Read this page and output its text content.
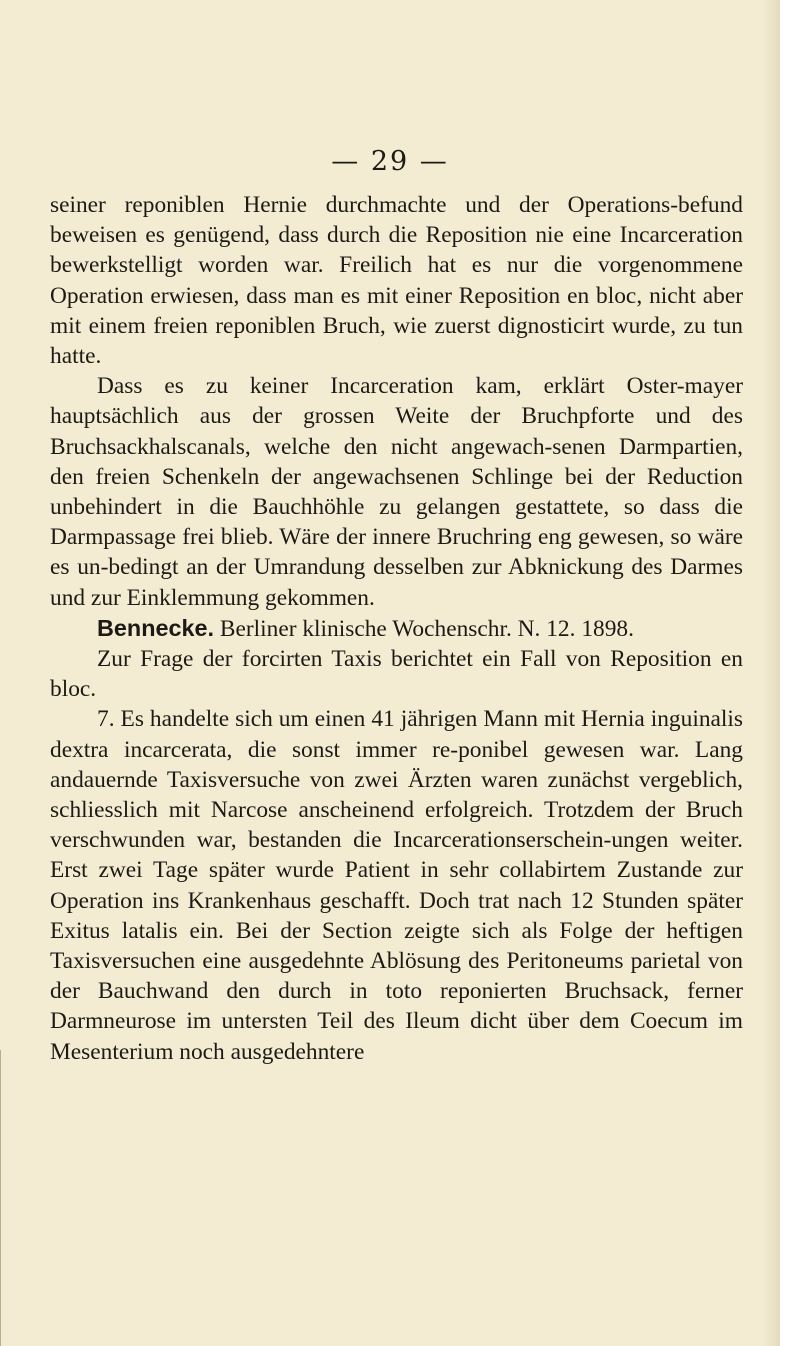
— 29 —

seiner reponiblen Hernie durchmachte und der Operations-befund beweisen es genügend, dass durch die Reposition nie eine Incarceration bewerkstelligt worden war. Freilich hat es nur die vorgenommene Operation erwiesen, dass man es mit einer Reposition en bloc, nicht aber mit einem freien reponiblen Bruch, wie zuerst dignosticirt wurde, zu tun hatte.

Dass es zu keiner Incarceration kam, erklärt Oster-mayer hauptsächlich aus der grossen Weite der Bruchpforte und des Bruchsackhalscanals, welche den nicht angewach-senen Darmpartien, den freien Schenkeln der angewachsenen Schlinge bei der Reduction unbehindert in die Bauchhöhle zu gelangen gestattete, so dass die Darmpassage frei blieb. Wäre der innere Bruchring eng gewesen, so wäre es un-bedingt an der Umrandung desselben zur Abknickung des Darmes und zur Einklemmung gekommen.

Bennecke. Berliner klinische Wochenschr. N. 12. 1898.

Zur Frage der forcirten Taxis berichtet ein Fall von Reposition en bloc.

7. Es handelte sich um einen 41 jährigen Mann mit Hernia inguinalis dextra incarcerata, die sonst immer re-ponibel gewesen war. Lang andauernde Taxisversuche von zwei Ärzten waren zunächst vergeblich, schliesslich mit Narcose anscheinend erfolgreich. Trotzdem der Bruch verschwunden war, bestanden die Incarcerationserschein-ungen weiter. Erst zwei Tage später wurde Patient in sehr collabirtem Zustande zur Operation ins Krankenhaus geschafft. Doch trat nach 12 Stunden später Exitus latalis ein. Bei der Section zeigte sich als Folge der heftigen Taxisversuchen eine ausgedehnte Ablösung des Peritoneums parietal von der Bauchwand den durch in toto reponierten Bruchsack, ferner Darmneurose im untersten Teil des Ileum dicht über dem Coecum im Mesenterium noch ausgedehntere
